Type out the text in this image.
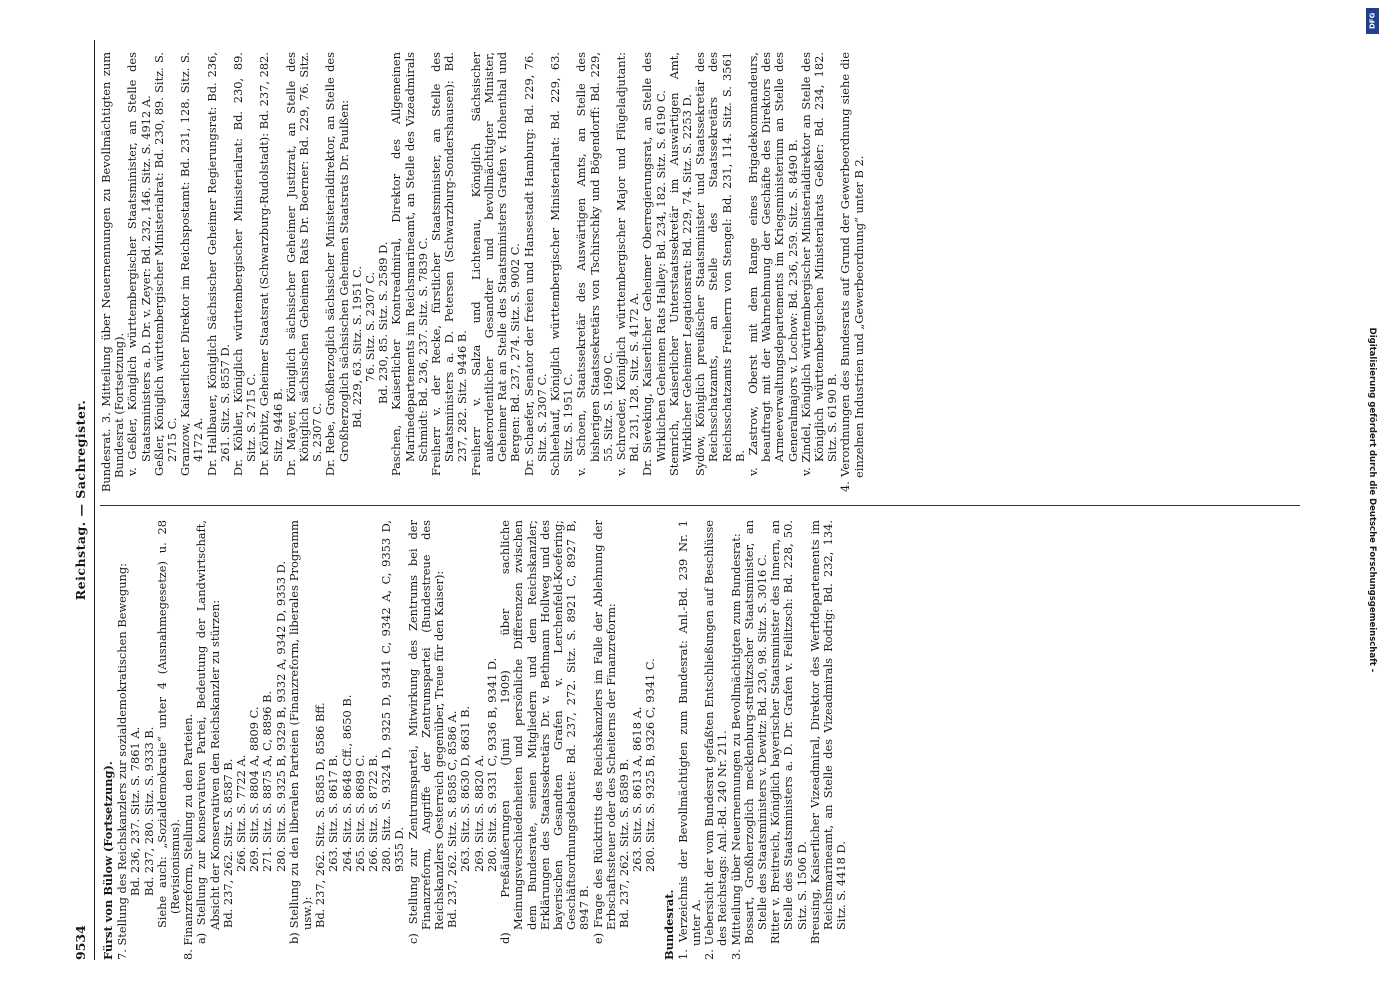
9534
Reichstag. — Sachregister.
Fürst von Bülow (Fortsetzung). 7. Stellung des Reichskanzlers zur sozialdemokratischen Bewegung: Bd. 236, 237. Sitz. S. 7861 A. Bd. 237, 280. Sitz. S. 9333 B. Siehe auch: „Sozialdemokratie“ unter 4 (Ausnahmegesetze) u. 28 (Revisionismus). 8. Finanzreform, Stellung zu den Parteien. a) Stellung zur konservativen Partei, Bedeutung der Landwirtschaft, Absicht der Konservativen den Reichskanzler zu stürzen: Bd. 237, 262. Sitz. S. 8587 B. 266. Sitz. S. 7722 A. 269. Sitz. S. 8804 A, 8809 C. 271. Sitz. S. 8875 A, C, 8896 B. 280. Sitz. S. 9325 B, 9329 B, 9332 A, 9342 D, 9353 D. b) Stellung zu den liberalen Parteien (Finanzreform, liberales Programm usw.): Bd. 237, 262. Sitz. S. 8585 D, 8586 Bff. 263. Sitz. S. 8617 B. 264. Sitz. S. 8648 Cff., 8650 B. 265. Sitz. S. 8689 C. 266. Sitz. S. 8722 B. 280. Sitz. S. 9324 D, 9325 D, 9341 C, 9342 A, C, 9353 D, 9355 D. c) Stellung zur Zentrumspartei, Mitwirkung des Zentrums bei der Finanzreform, Angriffe der Zentrumspartei (Bundestreue des Reichskanzlers Oesterreich gegenüber, Treue für den Kaiser): Bd. 237, 262. Sitz. S. 8585 C, 8586 A. 263. Sitz. S. 8630 D, 8631 B. 269. Sitz. S. 8820 A. 280. Sitz. S. 9331 C, 9336 B, 9341 D. d) Preßäußerungen (Juni 1909) über sachliche Meinungsverschiedenheiten und persönliche Differenzen zwischen dem Bundesrate, seinen Mitgliedern und dem Reichskanzler; Erklärungen des Staatssekretärs Dr. v. Bethmann Hollweg und des bayerischen Gesandten Grafen v. Lerchenfeld-Koefering; Geschäftsordnungsdebatte: Bd. 237, 272. Sitz. S. 8921 C, 8927 B, 8947 B. e) Frage des Rücktritts des Reichskanzlers im Falle der Ablehnung der Erbschaftssteuer oder des Scheiterns der Finanzreform: Bd. 237, 262. Sitz. S. 8589 B. 263. Sitz. S. 8613 A, 8618 A. 280. Sitz. S. 9325 B, 9326 C, 9341 C.
Bundesrat. 1. Verzeichnis der Bevollmächtigten zum Bundesrat: Anl.-Bd. 239 Nr. 1 unter A. 2. Uebersicht der vom Bundesrat gefaßten Entschließungen auf Beschlüsse des Reichstags: Anl.-Bd. 240 Nr. 211. 3. Mitteilung über Neuernennungen zu Bevollmächtigten zum Bundesrat: Bossart, Großherzoglich mecklenburg-strelitzscher Staatsminister, an Stelle des Staatsministers v. Dewitz: Bd. 230, 98. Sitz. S. 3016 C. Ritter v. Breitreich, Königlich bayerischer Staatsminister des Innern, an Stelle des Staatsministers a. D. Dr. Grafen v. Feilitzsch: Bd. 228, 50. Sitz. S. 1506 D. Breusing, Kaiserlicher Vizeadmiral, Direktor des Werftdepartements im Reichsmarineamt, an Stelle des Vizeadmirals Rodrig: Bd. 232, 134. Sitz. S. 4418 D.
Bundesrat. 3. Mitteilung über Neuernennungen zu Bevollmächtigten zum Bundesrat (Fortsetzung). v. Geßler, Königlich württembergischer Staatsminister, an Stelle des Staatsministers a. D. Dr. v. Zeyer: Bd. 232, 146. Sitz. S. 4912 A. Geßler, Königlich württembergischer Ministerialrat: Bd. 230, 89. Sitz. S. 2715 C. Granzow, Kaiserlicher Direktor im Reichspostamt: Bd. 231, 128. Sitz. S. 4172 A. Dr. Hallbauer, Königlich Sächsischer Geheimer Regierungsrat: Bd. 236, 261. Sitz. S. 8557 D. Dr. Köhler, Königlich württembergischer Ministerialrat: Bd. 230, 89. Sitz. S. 2715 C. Dr. Körbitz, Geheimer Staatsrat (Schwarzburg-Rudolstadt): Bd. 237, 282. Sitz. 9446 B. Dr. Mayer, Königlich sächsischer Geheimer Justizrat, an Stelle des Königlich sächsischen Geheimen Rats Dr. Boerner: Bd. 229, 76. Sitz. S. 2307 C. Dr. Rebe, Großherzoglich sächsischer Ministerialdirektor, an Stelle des Großherzoglich sächsischen Geheimen Staatsrats Dr. Paulßen: Bd. 229, 63. Sitz. S. 1951 C. 76. Sitz. S. 2307 C. Bd. 230, 85. Sitz. S. 2589 D. Paschen, Kaiserlicher Kontreadmiral, Direktor des Allgemeinen Marinedepartements im Reichsmarineamt, an Stelle des Vizeadmirals Schmidt: Bd. 236, 237. Sitz. S. 7839 C. Freiherr v. der Recke, fürstlicher Staatsminister, an Stelle des Staatsministers a. D. Petersen (Schwarzburg-Sondershausen): Bd. 237, 282. Sitz. 9446 B. Freiherr v. Salza und Lichtenau, Königlich Sächsischer außerordentlicher Gesandter und bevollmächtigter Minister, Geheimer Rat an Stelle des Staatsministers Grafen v. Hohenthal und Bergen: Bd. 237, 274. Sitz. S. 9002 C. Dr. Schaefer, Senator der freien und Hansestadt Hamburg: Bd. 229, 76. Sitz. S. 2307 C. Schleehauf, Königlich württembergischer Ministerialrat: Bd. 229, 63. Sitz. S. 1951 C. v. Schoen, Staatssekretär des Auswärtigen Amts, an Stelle des bisherigen Staatssekretärs von Tschirschky und Bögendorff: Bd. 229, 55. Sitz. S. 1690 C. v. Schroeder, Königlich württembergischer Major und Flügeladjutant: Bd. 231, 128. Sitz. S. 4172 A. Dr. Sieveking, Kaiserlicher Geheimer Oberregierungsrat, an Stelle des Wirklichen Geheimen Rats Halley: Bd. 234, 182. Sitz. S. 6190 C. Stemrich, Kaiserlicher Unterstaatssekretär im Auswärtigen Amt, Wirklicher Geheimer Legationsrat: Bd. 229, 74. Sitz. S. 2253 D. Sydow, Königlich preußischer Staatsminister und Staatssekretär des Reichsschatzamts, an Stelle des Staatssekretärs des Reichsschatzamts Freiherrn von Stengel: Bd. 231, 114. Sitz. S. 3561 B. v. Zastrow, Oberst mit dem Range eines Brigadekommandeurs, beauftragt mit der Wahrnehmung der Geschäfte des Direktors des Armeeverwaltungsdepartements im Kriegsministerium an Stelle des Generalmajors v. Lochow: Bd. 236, 259. Sitz. S. 8490 B. v. Zindel, Königlich württembergischer Ministerialdirektor an Stelle des Königlich württembergischen Ministerialrats Geßler: Bd. 234, 182. Sitz. S. 6190 B. 4. Verordnungen des Bundesrats auf Grund der Gewerbeordnung siehe die einzelnen Industrien und „Gewerbeordnung“ unter B 2.
DFG
Digitalisierung gefördert durch die Deutsche Forschungsgemeinschaft -
